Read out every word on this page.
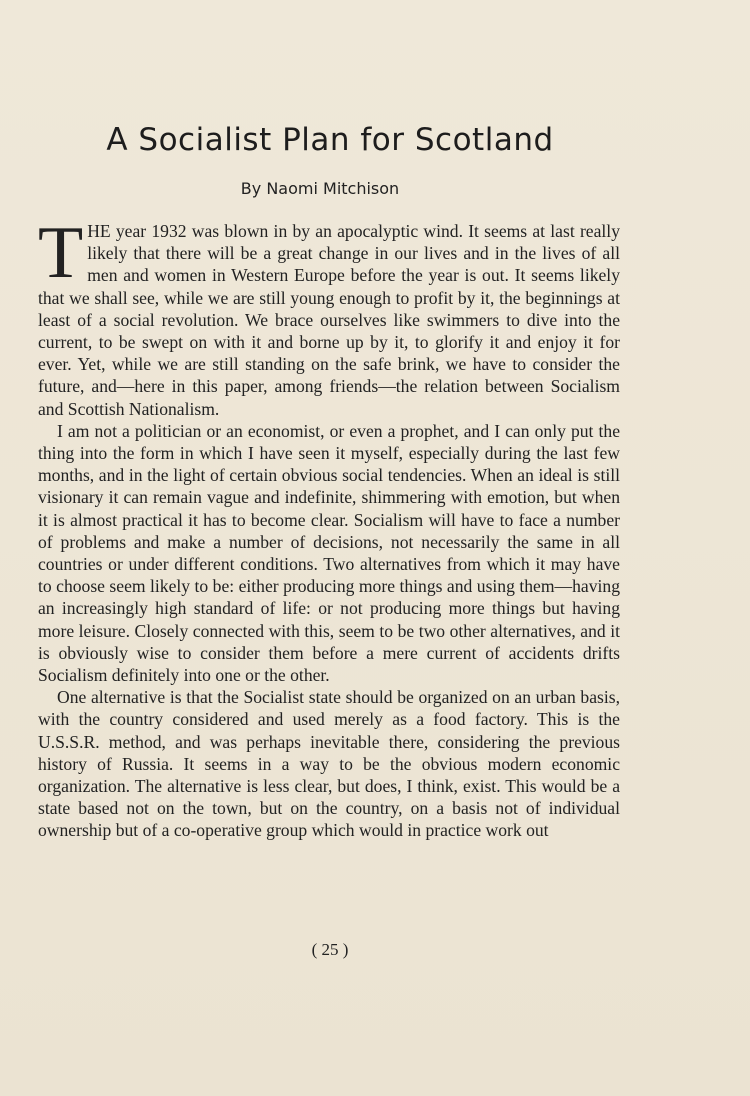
A Socialist Plan for Scotland
By Naomi Mitchison

THE year 1932 was blown in by an apocalyptic wind. It seems at last really likely that there will be a great change in our lives and in the lives of all men and women in Western Europe before the year is out. It seems likely that we shall see, while we are still young enough to profit by it, the beginnings at least of a social revolution. We brace ourselves like swimmers to dive into the current, to be swept on with it and borne up by it, to glorify it and enjoy it for ever. Yet, while we are still standing on the safe brink, we have to consider the future, and—here in this paper, among friends—the relation between Socialism and Scottish Nationalism.

I am not a politician or an economist, or even a prophet, and I can only put the thing into the form in which I have seen it myself, especially during the last few months, and in the light of certain obvious social tendencies. When an ideal is still visionary it can remain vague and indefinite, shimmering with emotion, but when it is almost practical it has to become clear. Socialism will have to face a number of problems and make a number of decisions, not necessarily the same in all countries or under different conditions. Two alternatives from which it may have to choose seem likely to be: either producing more things and using them—having an increasingly high standard of life: or not producing more things but having more leisure. Closely connected with this, seem to be two other alternatives, and it is obviously wise to consider them before a mere current of accidents drifts Socialism definitely into one or the other.

One alternative is that the Socialist state should be organized on an urban basis, with the country considered and used merely as a food factory. This is the U.S.S.R. method, and was perhaps inevitable there, considering the previous history of Russia. It seems in a way to be the obvious modern economic organization. The alternative is less clear, but does, I think, exist. This would be a state based not on the town, but on the country, on a basis not of individual ownership but of a co-operative group which would in practice work out

( 25 )
